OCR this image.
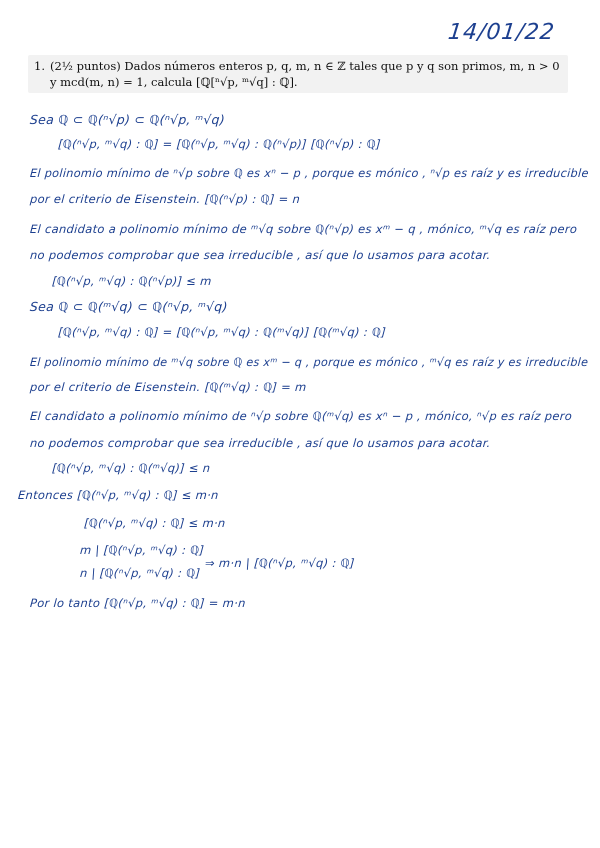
14/01/22
1. (2½ puntos) Dados números enteros p, q, m, n ∈ ℤ tales que p y q son primos, m, n > 0
y mcd(m, n) = 1, calcula [ℚ[ⁿ√p, ᵐ√q] : ℚ].
Sea ℚ ⊂ ℚ(ⁿ√p) ⊂ ℚ(ⁿ√p, ᵐ√q)
[ℚ(ⁿ√p, ᵐ√q) : ℚ] = [ℚ(ⁿ√p, ᵐ√q) : ℚ(ⁿ√p)] [ℚ(ⁿ√p) : ℚ]
El polinomio mínimo de ⁿ√p sobre ℚ es xⁿ − p , porque es mónico , ⁿ√p es raíz y es irreducible
por el criterio de Eisenstein. [ℚ(ⁿ√p) : ℚ] = n
El candidato a polinomio mínimo de ᵐ√q sobre ℚ(ⁿ√p) es xᵐ − q , mónico, ᵐ√q es raíz pero
no podemos comprobar que sea irreducible , así que lo usamos para acotar.
[ℚ(ⁿ√p, ᵐ√q) : ℚ(ⁿ√p)] ≤ m
Sea ℚ ⊂ ℚ(ᵐ√q) ⊂ ℚ(ⁿ√p, ᵐ√q)
[ℚ(ⁿ√p, ᵐ√q) : ℚ] = [ℚ(ⁿ√p, ᵐ√q) : ℚ(ᵐ√q)] [ℚ(ᵐ√q) : ℚ]
El polinomio mínimo de ᵐ√q sobre ℚ es xᵐ − q , porque es mónico , ᵐ√q es raíz y es irreducible
por el criterio de Eisenstein. [ℚ(ᵐ√q) : ℚ] = m
El candidato a polinomio mínimo de ⁿ√p sobre ℚ(ᵐ√q) es xⁿ − p , mónico, ⁿ√p es raíz pero
no podemos comprobar que sea irreducible , así que lo usamos para acotar.
[ℚ(ⁿ√p, ᵐ√q) : ℚ(ᵐ√q)] ≤ n
Entonces [ℚ(ⁿ√p, ᵐ√q) : ℚ] ≤ m·n
[ℚ(ⁿ√p, ᵐ√q) : ℚ] ≤ m·n
m | [ℚ(ⁿ√p, ᵐ√q) : ℚ]
n | [ℚ(ⁿ√p, ᵐ√q) : ℚ]
⇒ m·n | [ℚ(ⁿ√p, ᵐ√q) : ℚ]
Por lo tanto [ℚ(ⁿ√p, ᵐ√q) : ℚ] = m·n
